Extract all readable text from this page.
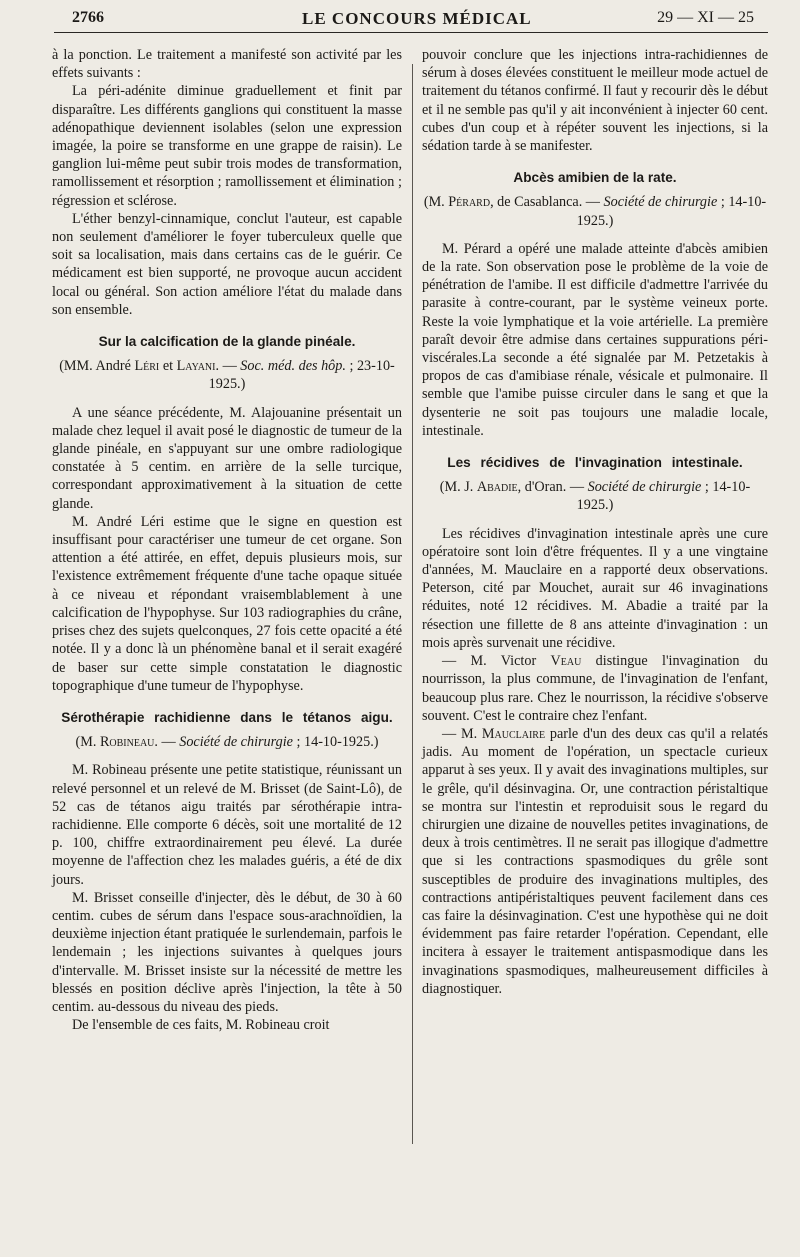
2766	LE CONCOURS MÉDICAL	29 — XI — 25

à la ponction. Le traitement a manifesté son activité par les effets suivants :

La péri-adénite diminue graduellement et finit par disparaître. Les différents ganglions qui constituent la masse adénopathique deviennent isolables (selon une expression imagée, la poire se transforme en une grappe de raisin). Le ganglion lui-même peut subir trois modes de transformation, ramollissement et résorption ; ramollissement et élimination ; régression et sclérose.

L'éther benzyl-cinnamique, conclut l'auteur, est capable non seulement d'améliorer le foyer tuberculeux quelle que soit sa localisation, mais dans certains cas de le guérir. Ce médicament est bien supporté, ne provoque aucun accident local ou général. Son action améliore l'état du malade dans son ensemble.

Sur la calcification de la glande pinéale.

(MM. André Léri et Layani. — Soc. méd. des hôp. ; 23-10-1925.)

A une séance précédente, M. Alajouanine présentait un malade chez lequel il avait posé le diagnostic de tumeur de la glande pinéale, en s'appuyant sur une ombre radiologique constatée à 5 centim. en arrière de la selle turcique, correspondant approximativement à la situation de cette glande.

M. André Léri estime que le signe en question est insuffisant pour caractériser une tumeur de cet organe. Son attention a été attirée, en effet, depuis plusieurs mois, sur l'existence extrêmement fréquente d'une tache opaque située à ce niveau et répondant vraisemblablement à une calcification de l'hypophyse. Sur 103 radiographies du crâne, prises chez des sujets quelconques, 27 fois cette opacité a été notée. Il y a donc là un phénomène banal et il serait exagéré de baser sur cette simple constatation le diagnostic topographique d'une tumeur de l'hypophyse.

Sérothérapie rachidienne dans le tétanos aigu.

(M. Robineau. — Société de chirurgie ; 14-10-1925.)

M. Robineau présente une petite statistique, réunissant un relevé personnel et un relevé de M. Brisset (de Saint-Lô), de 52 cas de tétanos aigu traités par sérothérapie intra-rachidienne. Elle comporte 6 décès, soit une mortalité de 12 p. 100, chiffre extraordinairement peu élevé. La durée moyenne de l'affection chez les malades guéris, a été de dix jours.

M. Brisset conseille d'injecter, dès le début, de 30 à 60 centim. cubes de sérum dans l'espace sous-arachnoïdien, la deuxième injection étant pratiquée le surlendemain, parfois le lendemain ; les injections suivantes à quelques jours d'intervalle. M. Brisset insiste sur la nécessité de mettre les blessés en position déclive après l'injection, la tête à 50 centim. au-dessous du niveau des pieds.

De l'ensemble de ces faits, M. Robineau croit

pouvoir conclure que les injections intra-rachidiennes de sérum à doses élevées constituent le meilleur mode actuel de traitement du tétanos confirmé. Il faut y recourir dès le début et il ne semble pas qu'il y ait inconvénient à injecter 60 cent. cubes d'un coup et à répéter souvent les injections, si la sédation tarde à se manifester.

Abcès amibien de la rate.

(M. Pérard, de Casablanca. — Société de chirurgie ; 14-10-1925.)

M. Pérard a opéré une malade atteinte d'abcès amibien de la rate. Son observation pose le problème de la voie de pénétration de l'amibe. Il est difficile d'admettre l'arrivée du parasite à contre-courant, par le système veineux porte. Reste la voie lymphatique et la voie artérielle. La première paraît devoir être admise dans certaines suppurations péri-viscérales.La seconde a été signalée par M. Petzetakis à propos de cas d'amibiase rénale, vésicale et pulmonaire. Il semble que l'amibe puisse circuler dans le sang et que la dysenterie ne soit pas toujours une maladie locale, intestinale.

Les récidives de l'invagination intestinale.

(M. J. Abadie, d'Oran. — Société de chirurgie ; 14-10-1925.)

Les récidives d'invagination intestinale après une cure opératoire sont loin d'être fréquentes. Il y a une vingtaine d'années, M. Mauclaire en a rapporté deux observations. Peterson, cité par Mouchet, aurait sur 46 invaginations réduites, noté 12 récidives. M. Abadie a traité par la résection une fillette de 8 ans atteinte d'invagination : un mois après survenait une récidive.

— M. Victor Veau distingue l'invagination du nourrisson, la plus commune, de l'invagination de l'enfant, beaucoup plus rare. Chez le nourrisson, la récidive s'observe souvent. C'est le contraire chez l'enfant.

— M. Mauclaire parle d'un des deux cas qu'il a relatés jadis. Au moment de l'opération, un spectacle curieux apparut à ses yeux. Il y avait des invaginations multiples, sur le grêle, qu'il désinvagina. Or, une contraction péristaltique se montra sur l'intestin et reproduisit sous le regard du chirurgien une dizaine de nouvelles petites invaginations, de deux à trois centimètres. Il ne serait pas illogique d'admettre que si les contractions spasmodiques du grêle sont susceptibles de produire des invaginations multiples, des contractions antipéristaltiques peuvent facilement dans ces cas faire la désinvagination. C'est une hypothèse qui ne doit évidemment pas faire retarder l'opération. Cependant, elle incitera à essayer le traitement antispasmodique dans les invaginations spasmodiques, malheureusement difficiles à diagnostiquer.
